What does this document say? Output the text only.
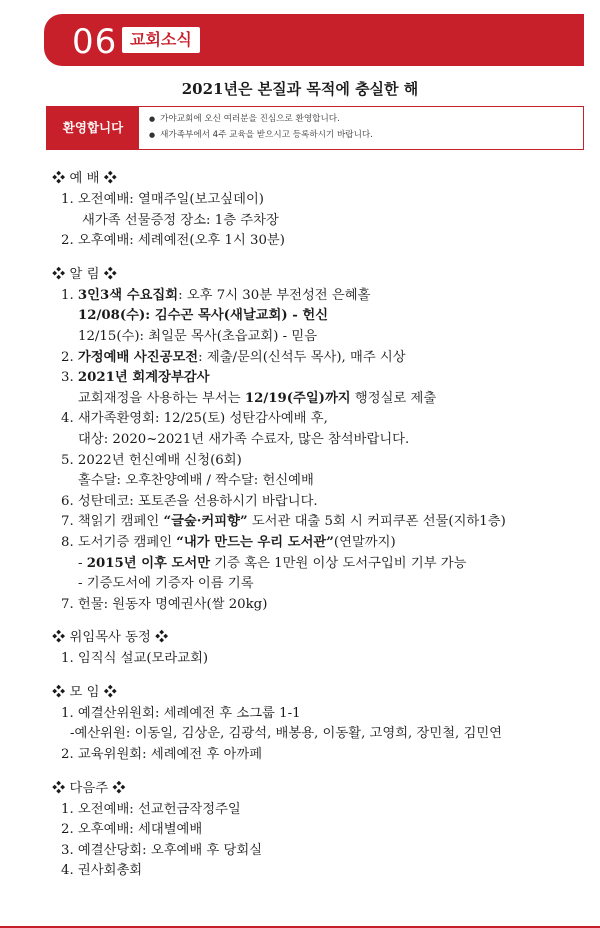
06 교회소식
2021년은 본질과 목적에 충실한 해
환영합니다
● 가야교회에 오신 여러분을 진심으로 환영합니다.
● 새가족부에서 4주 교육을 받으시고 등록하시기 바랍니다.
❖ 예 배 ❖
1. 오전예배: 열매주일(보고싶데이)
새가족 선물증정 장소: 1층 주차장
2. 오후예배: 세례예전(오후 1시 30분)
❖ 알 림 ❖
1. 3인3색 수요집회: 오후 7시 30분 부전성전 은혜홀
12/08(수): 김수곤 목사(새날교회) - 헌신
12/15(수): 최일문 목사(초읍교회) - 믿음
2. 가정예배 사진공모전: 제출/문의(신석두 목사), 매주 시상
3. 2021년 회계장부감사
교회재정을 사용하는 부서는 12/19(주일)까지 행정실로 제출
4. 새가족환영회: 12/25(토) 성탄감사예배 후,
대상: 2020~2021년 새가족 수료자, 많은 참석바랍니다.
5. 2022년 헌신예배 신청(6회)
홀수달: 오후찬양예배 / 짝수달: 헌신예배
6. 성탄데코: 포토존을 선용하시기 바랍니다.
7. 책읽기 캠페인 “글숲·커피향” 도서관 대출 5회 시 커피쿠폰 선물(지하1층)
8. 도서기증 캠페인 “내가 만드는 우리 도서관”(연말까지)
- 2015년 이후 도서만 기증 혹은 1만원 이상 도서구입비 기부 가능
- 기증도서에 기증자 이름 기록
7. 헌물: 원동자 명예권사(쌀 20kg)
❖ 위임목사 동정 ❖
1. 임직식 설교(모라교회)
❖ 모 임 ❖
1. 예결산위원회: 세례예전 후 소그룹 1-1
-예산위원: 이동일, 김상운, 김광석, 배봉용, 이동활, 고영희, 장민철, 김민연
2. 교육위원회: 세례예전 후 아까페
❖ 다음주 ❖
1. 오전예배: 선교헌금작정주일
2. 오후예배: 세대별예배
3. 예결산당회: 오후예배 후 당회실
4. 권사회총회
